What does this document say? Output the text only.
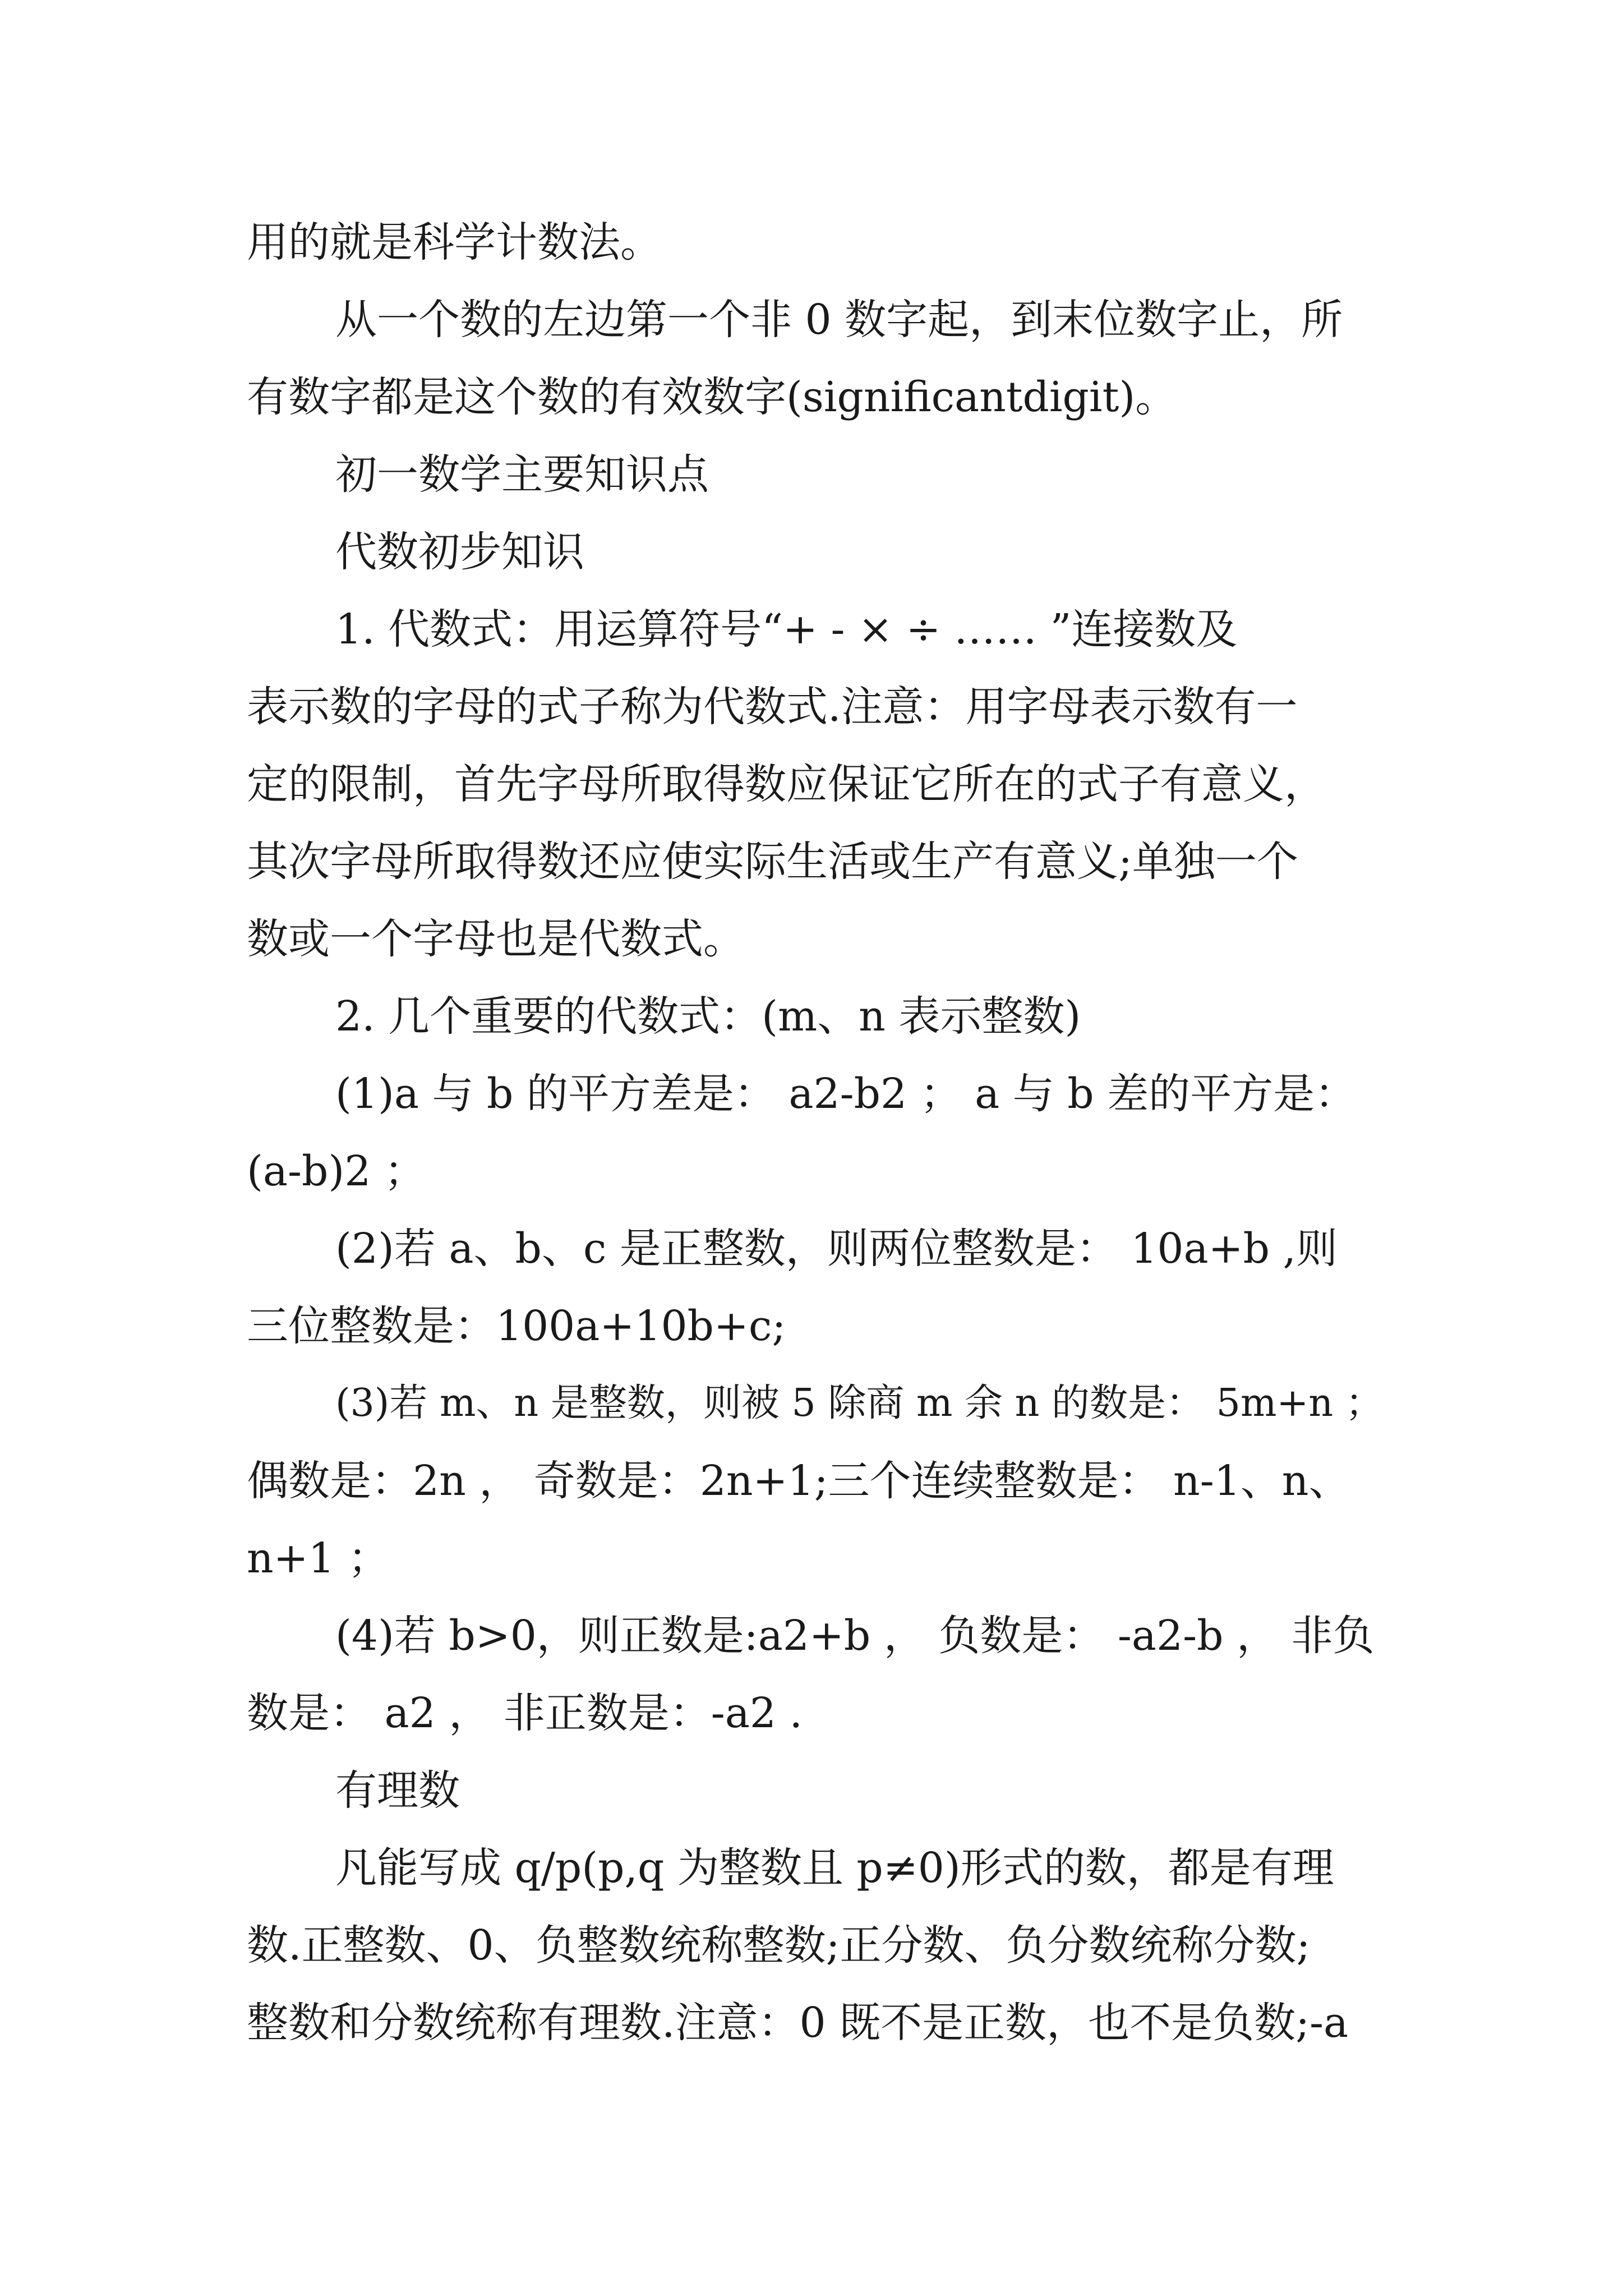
用的就是科学计数法。
从一个数的左边第一个非 0 数字起，到末位数字止，所
有数字都是这个数的有效数字(significantdigit)。
初一数学主要知识点
代数初步知识
1. 代数式：用运算符号“+ - × ÷ …… ”连接数及
表示数的字母的式子称为代数式.注意：用字母表示数有一
定的限制，首先字母所取得数应保证它所在的式子有意义，
其次字母所取得数还应使实际生活或生产有意义;单独一个
数或一个字母也是代数式。
2. 几个重要的代数式：(m、n 表示整数)
(1)a 与 b 的平方差是： a2-b2 ； a 与 b 差的平方是：
(a-b)2 ；
(2)若 a、b、c 是正整数，则两位整数是： 10a+b ,则
三位整数是：100a+10b+c;
(3)若 m、n 是整数，则被 5 除商 m 余 n 的数是： 5m+n ；
偶数是：2n ， 奇数是：2n+1;三个连续整数是： n-1、n、
n+1 ；
(4)若 b>0，则正数是:a2+b ， 负数是： -a2-b ， 非负
数是： a2 ， 非正数是：-a2 .
有理数
凡能写成 q/p(p,q 为整数且 p≠0)形式的数，都是有理
数.正整数、0、负整数统称整数;正分数、负分数统称分数;
整数和分数统称有理数.注意：0 既不是正数，也不是负数;-a
